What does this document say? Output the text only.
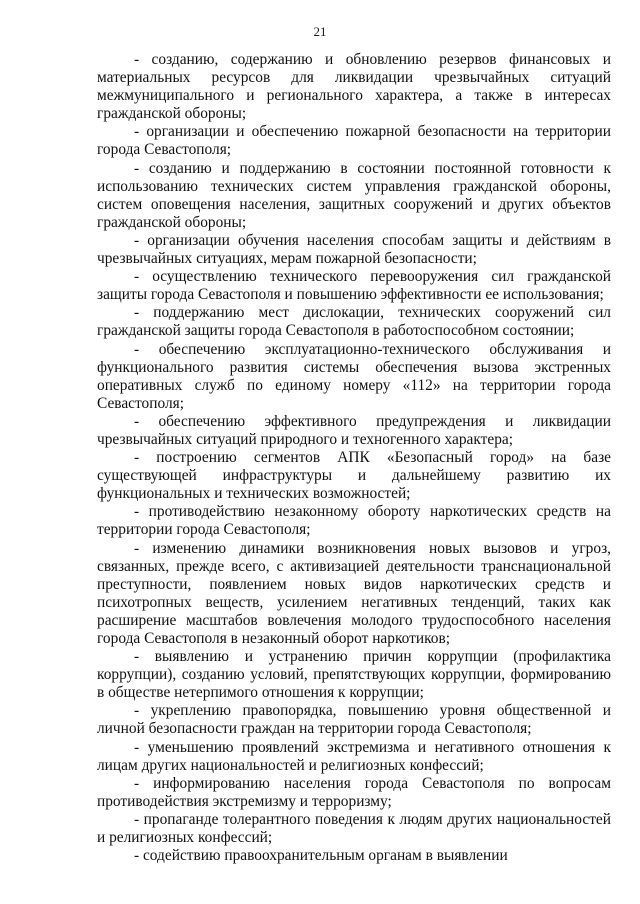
21

- созданию, содержанию и обновлению резервов финансовых и материальных ресурсов для ликвидации чрезвычайных ситуаций межмуниципального и регионального характера, а также в интересах гражданской обороны;

- организации и обеспечению пожарной безопасности на территории города Севастополя;

- созданию и поддержанию в состоянии постоянной готовности к использованию технических систем управления гражданской обороны, систем оповещения населения, защитных сооружений и других объектов гражданской обороны;

- организации обучения населения способам защиты и действиям в чрезвычайных ситуациях, мерам пожарной безопасности;

- осуществлению технического перевооружения сил гражданской защиты города Севастополя и повышению эффективности ее использования;

- поддержанию мест дислокации, технических сооружений сил гражданской защиты города Севастополя в работоспособном состоянии;

- обеспечению эксплуатационно-технического обслуживания и функционального развития системы обеспечения вызова экстренных оперативных служб по единому номеру «112» на территории города Севастополя;

- обеспечению эффективного предупреждения и ликвидации чрезвычайных ситуаций природного и техногенного характера;

- построению сегментов АПК «Безопасный город» на базе существующей инфраструктуры и дальнейшему развитию их функциональных и технических возможностей;

- противодействию незаконному обороту наркотических средств на территории города Севастополя;

- изменению динамики возникновения новых вызовов и угроз, связанных, прежде всего, с активизацией деятельности транснациональной преступности, появлением новых видов наркотических средств и психотропных веществ, усилением негативных тенденций, таких как расширение масштабов вовлечения молодого трудоспособного населения города Севастополя в незаконный оборот наркотиков;

- выявлению и устранению причин коррупции (профилактика коррупции), созданию условий, препятствующих коррупции, формированию в обществе нетерпимого отношения к коррупции;

- укреплению правопорядка, повышению уровня общественной и личной безопасности граждан на территории города Севастополя;

- уменьшению проявлений экстремизма и негативного отношения к лицам других национальностей и религиозных конфессий;

- информированию населения города Севастополя по вопросам противодействия экстремизму и терроризму;

- пропаганде толерантного поведения к людям других национальностей и религиозных конфессий;

- содействию правоохранительным органам в выявлении
